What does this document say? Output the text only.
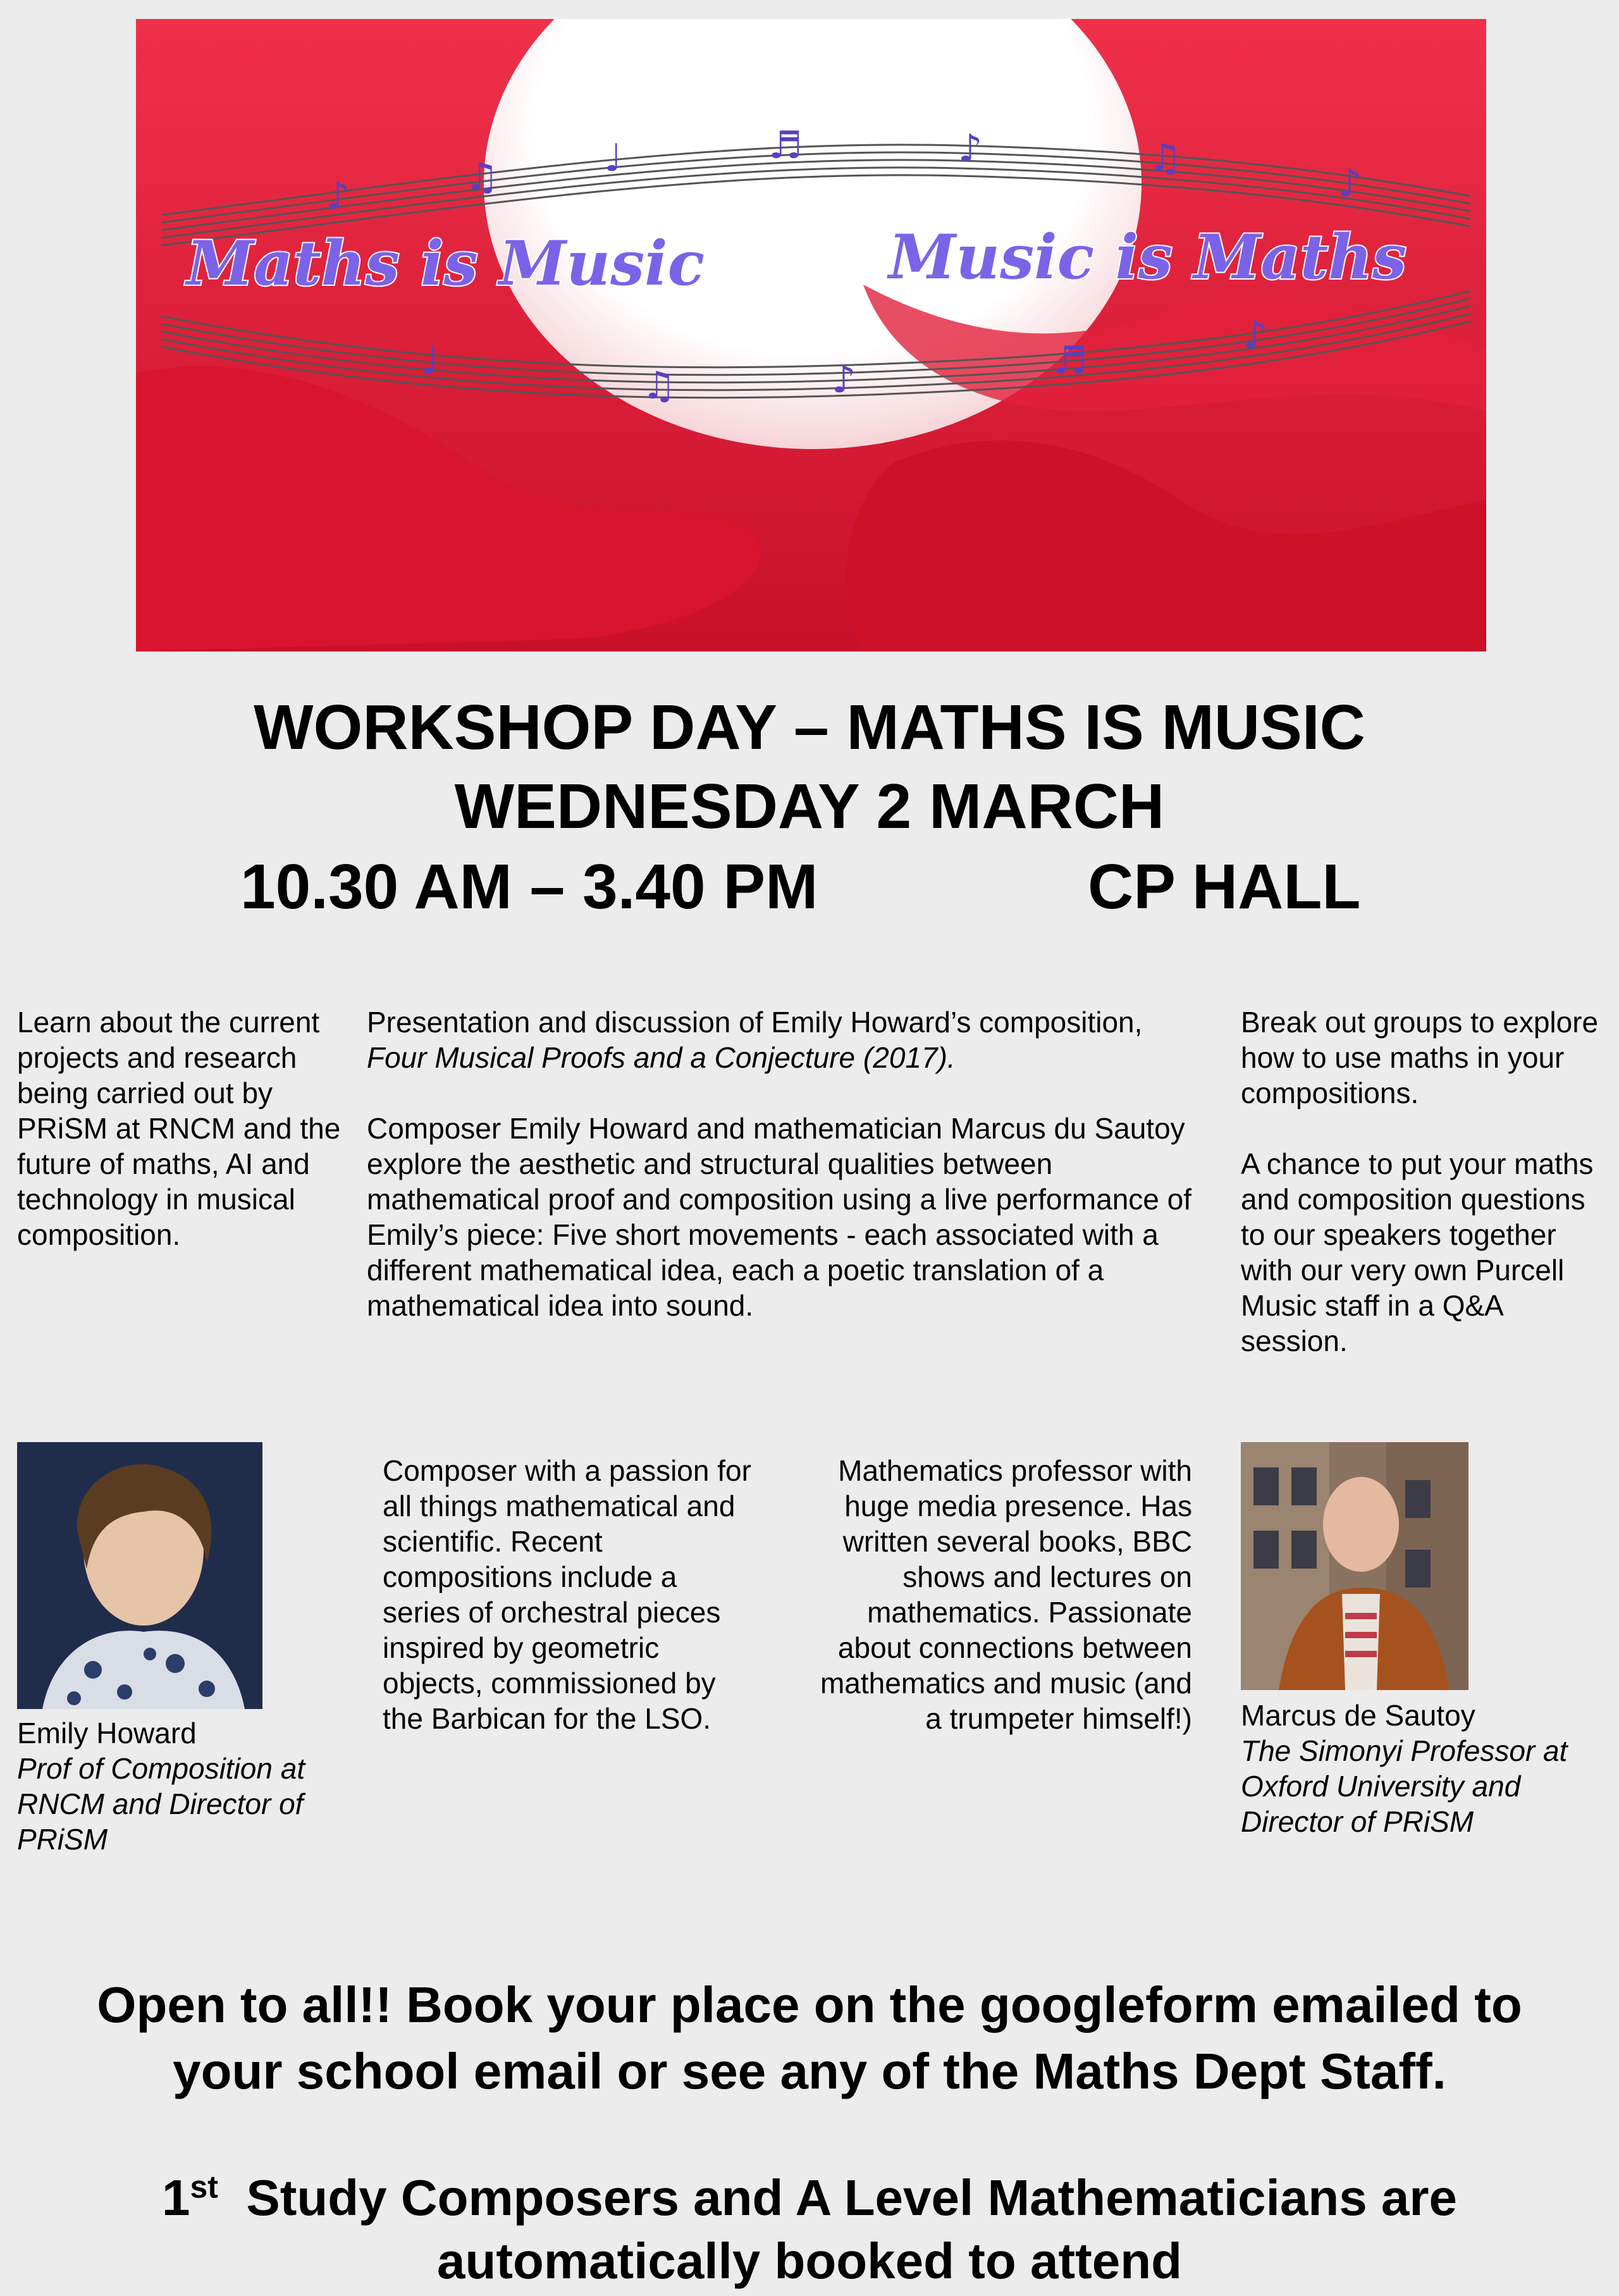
♪	♫	♩	♬	♪	♫
♪
♩
♫	♪	♬
♪
Maths is Music	Music is Maths
WORKSHOP DAY – MATHS IS MUSIC
WEDNESDAY 2 MARCH
10.30 AM – 3.40 PM	CP HALL

Learn about the current projects and research being carried out by PRiSM at RNCM and the future of maths, AI and technology in musical composition.

Presentation and discussion of Emily Howard’s composition,

Four Musical Proofs and a Conjecture (2017).

Composer Emily Howard and mathematician Marcus du Sautoy explore the aesthetic and structural qualities between mathematical proof and composition using a live performance of Emily’s piece: Five short movements - each associated with a different mathematical idea, each a poetic translation of a mathematical idea into sound.

Break out groups to explore how to use maths in your compositions.

A chance to put your maths and composition questions to our speakers together with our very own Purcell Music staff in a Q&A session.

Emily Howard

Prof of Composition at RNCM and Director of PRiSM

Composer with a passion for all things mathematical and scientific. Recent compositions include a series of orchestral pieces inspired by geometric objects, commissioned by the Barbican for the LSO.

Mathematics professor with huge media presence. Has written several books, BBC shows and lectures on mathematics. Passionate about connections between mathematics and music (and a trumpeter himself!) Marcus de Sautoy

The Simonyi Professor at Oxford University and Director of PRiSM

Open to all!! Book your place on the googleform emailed to
your school email or see any of the Maths Dept Staff.
1st  Study Composers and A Level Mathematicians are
automatically booked to attend
